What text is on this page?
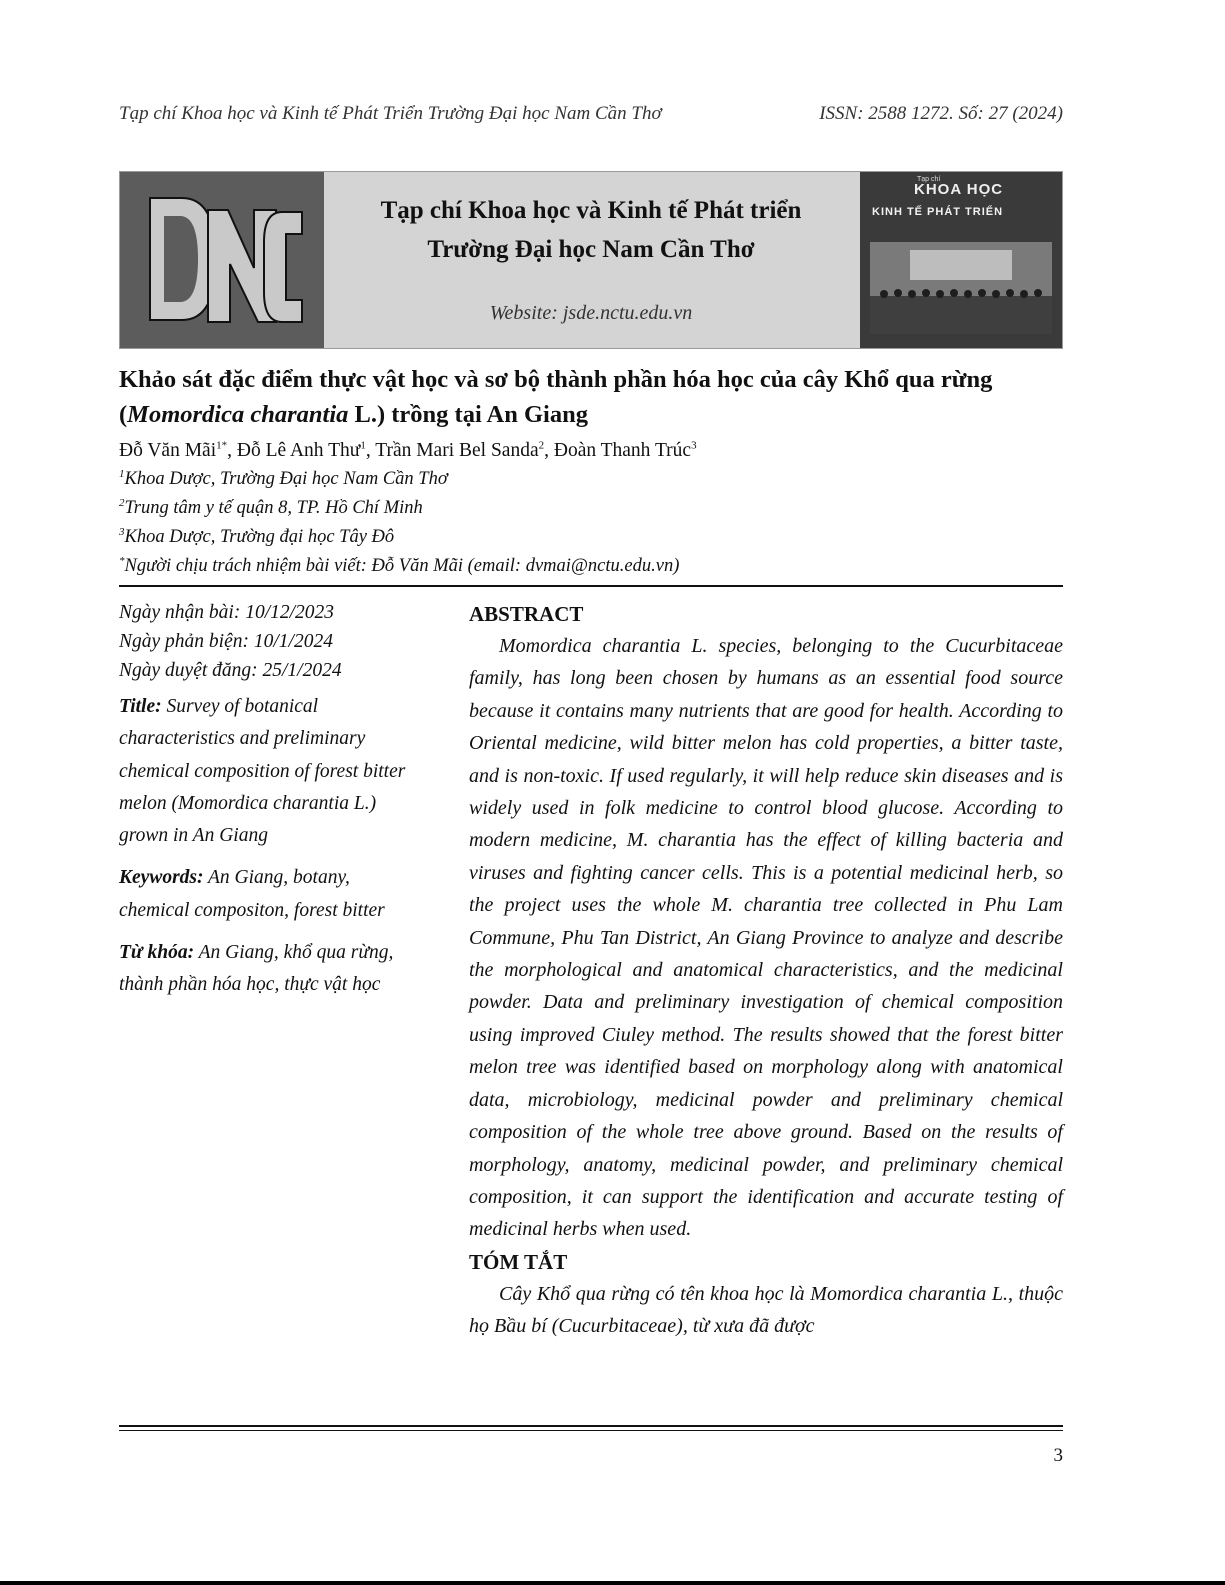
Tạp chí Khoa học và Kinh tế Phát Triển Trường Đại học Nam Cần Thơ	ISSN: 2588 1272. Số: 27 (2024)
Tạp chí Khoa học và Kinh tế Phát triển
Trường Đại học Nam Cần Thơ
Website: jsde.nctu.edu.vn
Tạp chí
KHOA HỌC
KINH TẾ PHÁT TRIỂN
Khảo sát đặc điểm thực vật học và sơ bộ thành phần hóa học của cây Khổ qua rừng (Momordica charantia L.) trồng tại An Giang

Đỗ Văn Mãi$^{1*}$, Đỗ Lê Anh Thư$^1$, Trần Mari Bel Sanda$^2$, Đoàn Thanh Trúc$^3$

$^1$Khoa Dược, Trường Đại học Nam Cần Thơ

$^2$Trung tâm y tế quận 8, TP. Hồ Chí Minh

$^3$Khoa Dược, Trường đại học Tây Đô

*Người chịu trách nhiệm bài viết: Đỗ Văn Mãi (email: dvmai@nctu.edu.vn)

Ngày nhận bài: 10/12/2023
Ngày phản biện: 10/1/2024
Ngày duyệt đăng: 25/1/2024

Title: Survey of botanical characteristics and preliminary chemical composition of forest bitter melon (Momordica charantia L.) grown in An Giang

Keywords: An Giang, botany, chemical compositon, forest bitter

Từ khóa: An Giang, khổ qua rừng, thành phần hóa học, thực vật học

ABSTRACT

Momordica charantia L. species, belonging to the Cucurbitaceae family, has long been chosen by humans as an essential food source because it contains many nutrients that are good for health. According to Oriental medicine, wild bitter melon has cold properties, a bitter taste, and is non-toxic. If used regularly, it will help reduce skin diseases and is widely used in folk medicine to control blood glucose. According to modern medicine, M. charantia has the effect of killing bacteria and viruses and fighting cancer cells. This is a potential medicinal herb, so the project uses the whole M. charantia tree collected in Phu Lam Commune, Phu Tan District, An Giang Province to analyze and describe the morphological and anatomical characteristics, and the medicinal powder. Data and preliminary investigation of chemical composition using improved Ciuley method. The results showed that the forest bitter melon tree was identified based on morphology along with anatomical data, microbiology, medicinal powder and preliminary chemical composition of the whole tree above ground. Based on the results of morphology, anatomy, medicinal powder, and preliminary chemical composition, it can support the identification and accurate testing of medicinal herbs when used.

TÓM TẮT

Cây Khổ qua rừng có tên khoa học là Momordica charantia L., thuộc họ Bầu bí (Cucurbitaceae), từ xưa đã được

3
